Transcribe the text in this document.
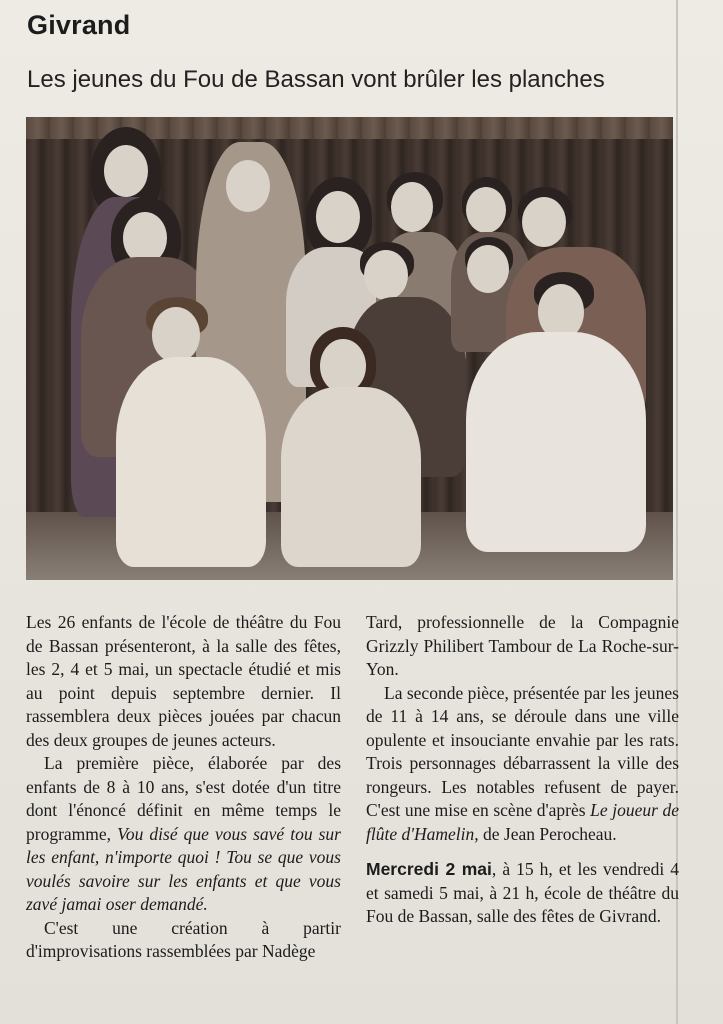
Givrand
Les jeunes du Fou de Bassan vont brûler les planches

Les 26 enfants de l'école de théâtre du Fou de Bassan présenteront, à la salle des fêtes, les 2, 4 et 5 mai, un spectacle étudié et mis au point depuis septembre dernier. Il rassemblera deux pièces jouées par chacun des deux groupes de jeunes acteurs.

La première pièce, élaborée par des enfants de 8 à 10 ans, s'est dotée d'un titre dont l'énoncé définit en même temps le programme, Vou disé que vous savé tou sur les enfant, n'importe quoi ! Tou se que vous voulés savoire sur les enfants et que vous zavé jamai oser demandé.

C'est une création à partir d'improvisations rassemblées par Nadège

Tard, professionnelle de la Compagnie Grizzly Philibert Tambour de La Roche-sur-Yon.

La seconde pièce, présentée par les jeunes de 11 à 14 ans, se déroule dans une ville opulente et insouciante envahie par les rats. Trois personnages débarrassent la ville des rongeurs. Les notables refusent de payer. C'est une mise en scène d'après Le joueur de flûte d'Hamelin, de Jean Perocheau.

Mercredi 2 mai, à 15 h, et les vendredi 4 et samedi 5 mai, à 21 h, école de théâtre du Fou de Bassan, salle des fêtes de Givrand.
